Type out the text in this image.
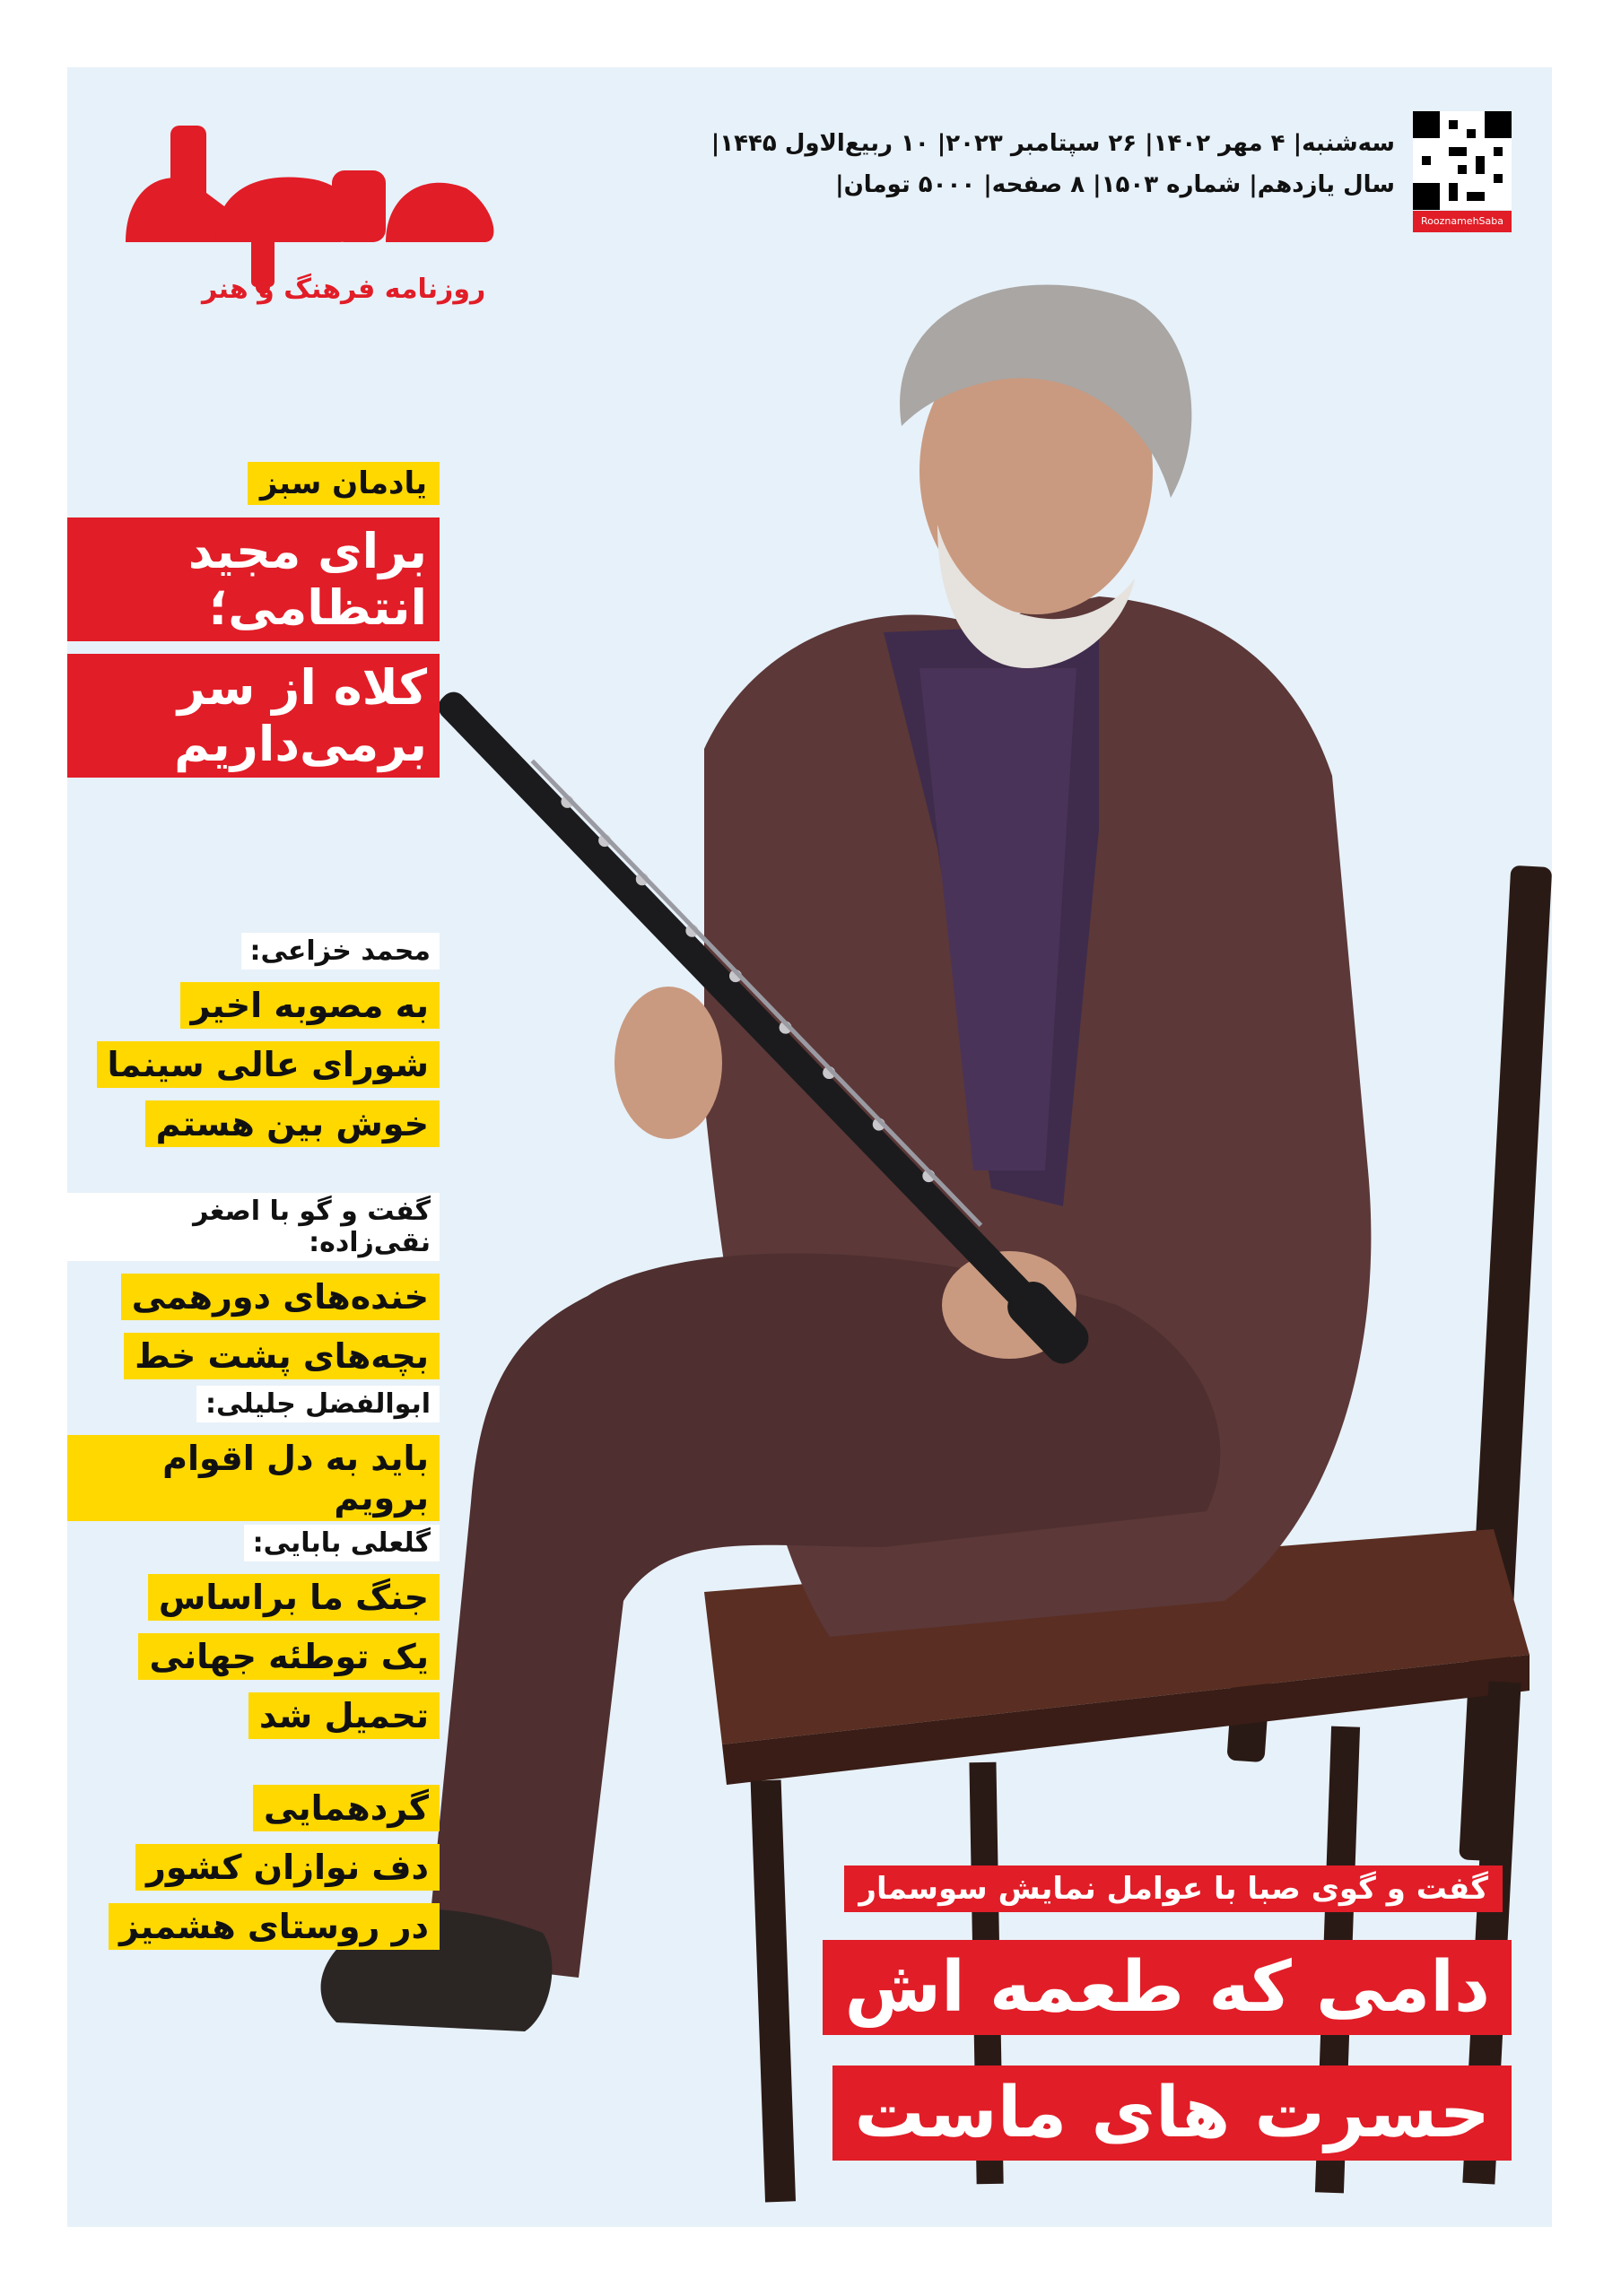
روزنامه فرهنگ و هنر
سه‌شنبه| ۴ مهر ۱۴۰۲| ۲۶ سپتامبر ۲۰۲۳| ۱۰ ربیع‌الاول ۱۴۴۵|
سال یازدهم| شماره ۱۵۰۳| ۸ صفحه| ۵۰۰۰ تومان|
RooznamehSaba
یادمان سبز
برای مجید انتظامی؛
کلاه از سر برمی‌داریم
محمد خزاعی:
به مصوبه اخیر
شورای عالی سینما
خوش بین هستم
گفت و گو با اصغر نقی‌زاده:
خنده‌های دورهمی
بچه‌های پشت خط
ابوالفضل جلیلی:
باید به دل اقوام برویم
گلعلی بابایی:
جنگ ما براساس
یک توطئه جهانی
تحمیل شد
گردهمایی
دف نوازان کشور
در روستای هشمیز
گفت و گوی صبا با عوامل نمایش سوسمار
دامی که طعمه اش
حسرت های ماست
